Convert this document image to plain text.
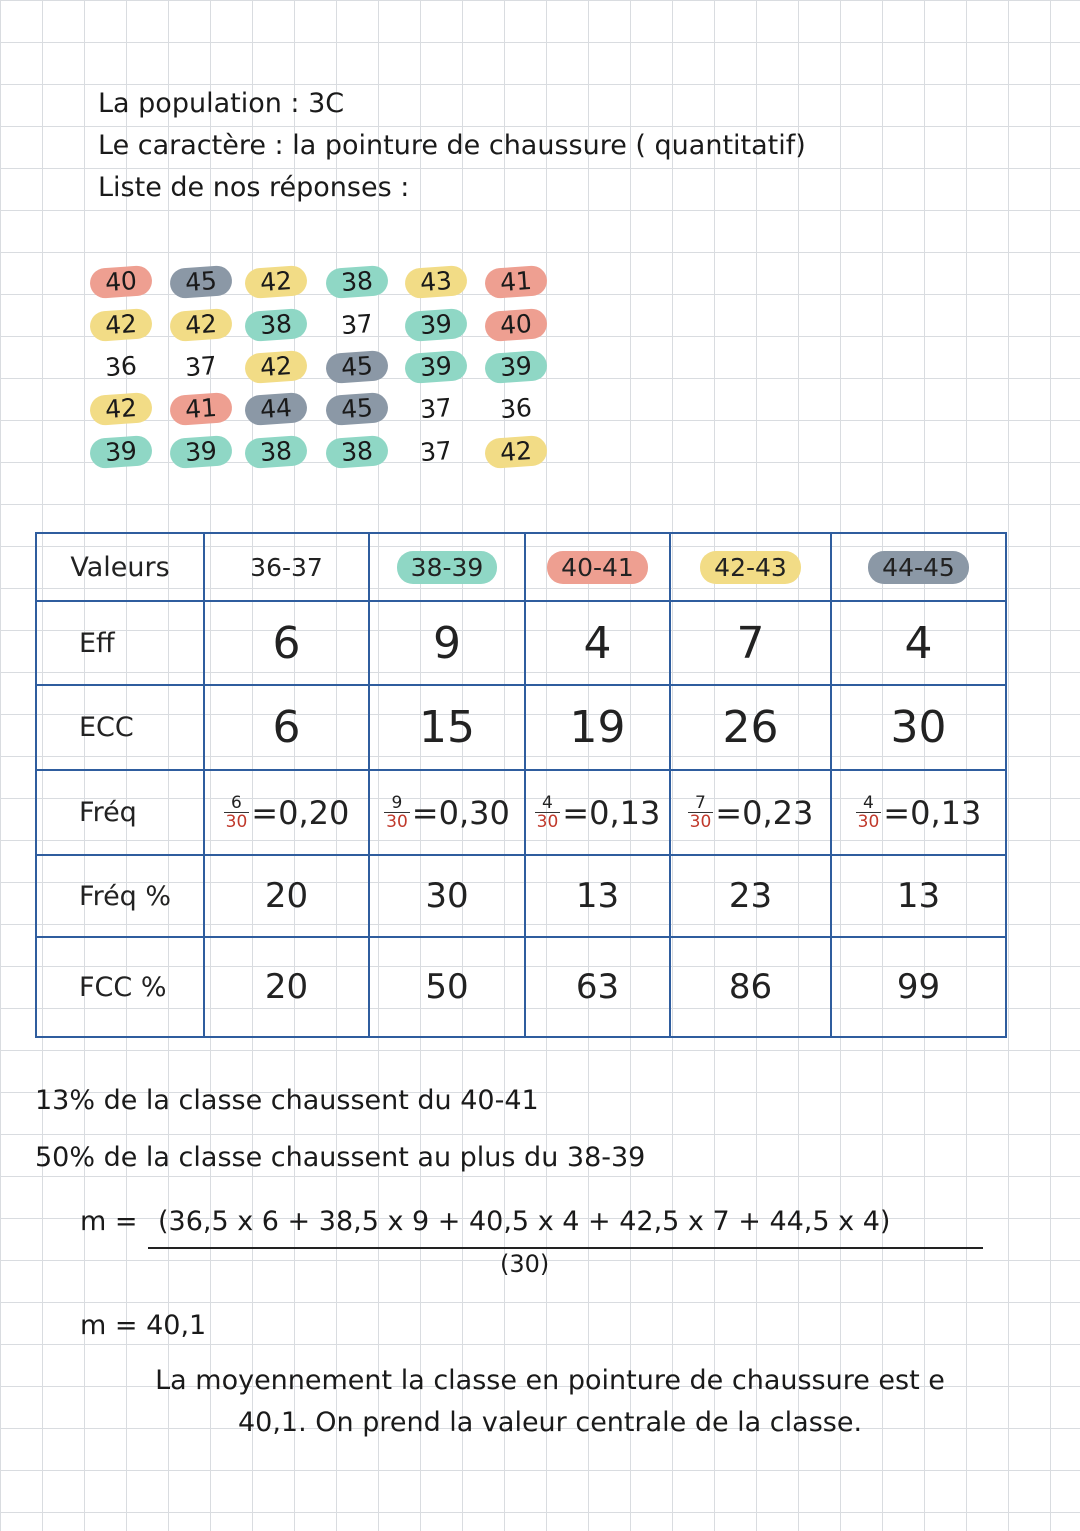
La population : 3C
Le caractère : la pointure de chaussure ( quantitatif)
Liste de nos réponses :
40	45	42	38	43	41
42	42	38	37	39	40
36	37	42	45	39	39
42	41	44	45	37	36
39	39	38	38	37	42
Valeurs	36-37	38-39	40-41	42-43	44-45
Eff	6	9	4	7	4
ECC	6	15	19	26	30
Fréq	$\frac{6}{30} =0,20$	$\frac{9}{30} =0,30$	$\frac{4}{30} =0,13$	$\frac{7}{30} =0,23$	$\frac{4}{30} =0,13$
Fréq %	20	30	13	23	13
FCC %	20	50	63	86	99
13% de la classe chaussent du 40-41
50% de la classe chaussent au plus du 38-39
m = (36,5 x 6 + 38,5 x 9 + 40,5 x 4 + 42,5 x 7 + 44,5 x 4)
(30)
m = 40,1
La moyennement la classe en pointure de chaussure est e 40,1. On prend la valeur centrale de la classe.
